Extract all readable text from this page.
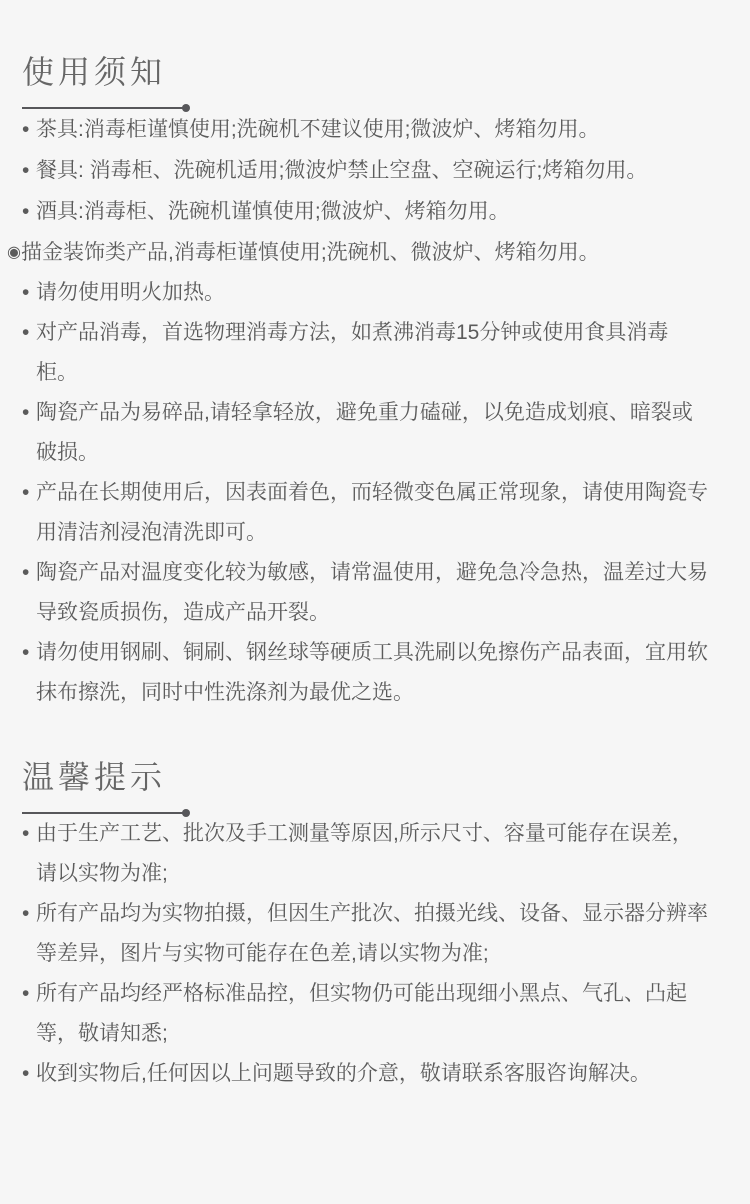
使用须知
• 茶具:消毒柜谨慎使用;洗碗机不建议使用;微波炉、烤箱勿用。
• 餐具: 消毒柜、洗碗机适用;微波炉禁止空盘、空碗运行;烤箱勿用。
• 酒具:消毒柜、洗碗机谨慎使用;微波炉、烤箱勿用。
◉ 描金装饰类产品,消毒柜谨慎使用;洗碗机、微波炉、烤箱勿用。
• 请勿使用明火加热。
• 对产品消毒，首选物理消毒方法，如煮沸消毒15分钟或使用食具消毒柜。
• 陶瓷产品为易碎品,请轻拿轻放，避免重力磕碰，以免造成划痕、暗裂或破损。
• 产品在长期使用后，因表面着色，而轻微变色属正常现象，请使用陶瓷专用清洁剂浸泡清洗即可。
• 陶瓷产品对温度变化较为敏感，请常温使用，避免急冷急热，温差过大易导致瓷质损伤，造成产品开裂。
• 请勿使用钢刷、铜刷、钢丝球等硬质工具洗刷以免擦伤产品表面，宜用软抹布擦洗，同时中性洗涤剂为最优之选。
温馨提示
• 由于生产工艺、批次及手工测量等原因,所示尺寸、容量可能存在误差，请以实物为准;
• 所有产品均为实物拍摄，但因生产批次、拍摄光线、设备、显示器分辨率等差异，图片与实物可能存在色差,请以实物为准;
• 所有产品均经严格标准品控，但实物仍可能出现细小黑点、气孔、凸起等，敬请知悉;
• 收到实物后,任何因以上问题导致的介意，敬请联系客服咨询解决。
